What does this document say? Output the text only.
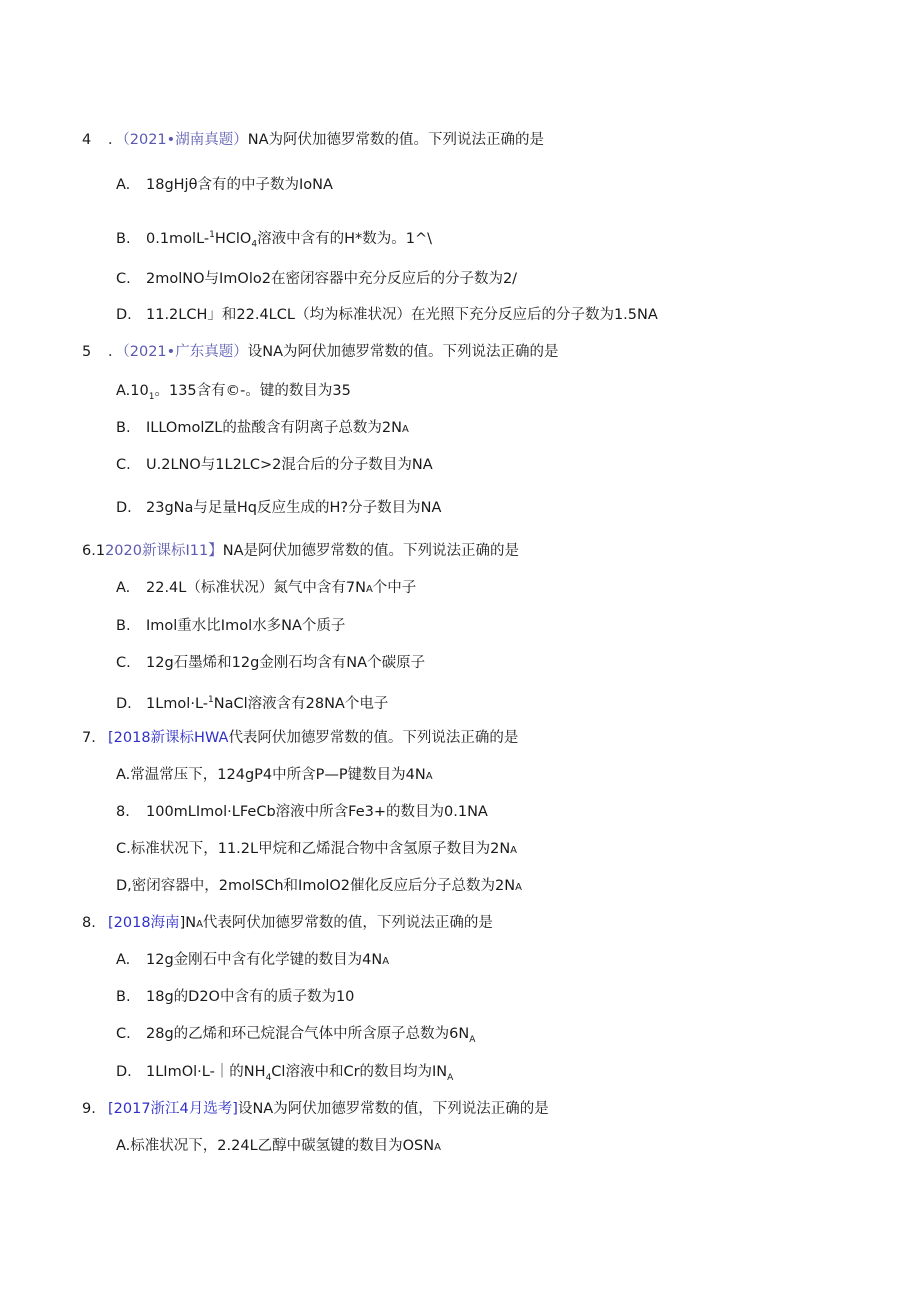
4 ．（2021•湖南真题）NA为阿伏加德罗常数的值。下列说法正确的是
A. 18gHjθ含有的中子数为IoNA
B. 0.1molL-$^1$HClO$_4$溶液中含有的H*数为。1^\
C. 2molNO与ImOlo2在密闭容器中充分反应后的分子数为2/
D. 11.2LCH」和22.4LCL（均为标准状况）在光照下充分反应后的分子数为1.5NA
5 ．（2021•广东真题）设NA为阿伏加德罗常数的值。下列说法正确的是
$A.10_1$。135含有©-。键的数目为35
B. ILLOmolZL的盐酸含有阴离子总数为2NA
C. U.2LNO与1L2LC>2混合后的分子数目为NA
D. 23gNa与足量Hq反应生成的H?分子数目为NA
6.12020新课标I11】NA是阿伏加德罗常数的值。下列说法正确的是
A. 22.4L（标准状况）氮气中含有7NA个中子
B. Imol重水比Imol水多NA个质子
C. 12g石墨烯和12g金刚石均含有NA个碳原子
D. 1Lmol·L-$^1$NaCl溶液含有28NA个电子
7. [2018新课标HWA代表阿伏加德罗常数的值。下列说法正确的是
A.常温常压下，124gP4中所含P—P键数目为4NA
8. 100mLImol·LFeCb溶液中所含Fe3+的数目为0.1NA
C.标准状况下，11.2L甲烷和乙烯混合物中含氢原子数目为2NA
D,密闭容器中，2molSCh和ImolO2催化反应后分子总数为2NA
8. [2018海南]NA代表阿伏加德罗常数的值，下列说法正确的是
A. 12g金刚石中含有化学键的数目为4NA
B. 18g的D2O中含有的质子数为10
C. 28g的乙烯和环己烷混合气体中所含原子总数为$6N_A$
D. 1LImOl·L-｜的$NH_4Cl$溶液中和Cr的数目均为$IN_A$
9. [2017浙江4月选考]设NA为阿伏加德罗常数的值，下列说法正确的是
A.标准状况下，2.24L乙醇中碳氢键的数目为OSNA
